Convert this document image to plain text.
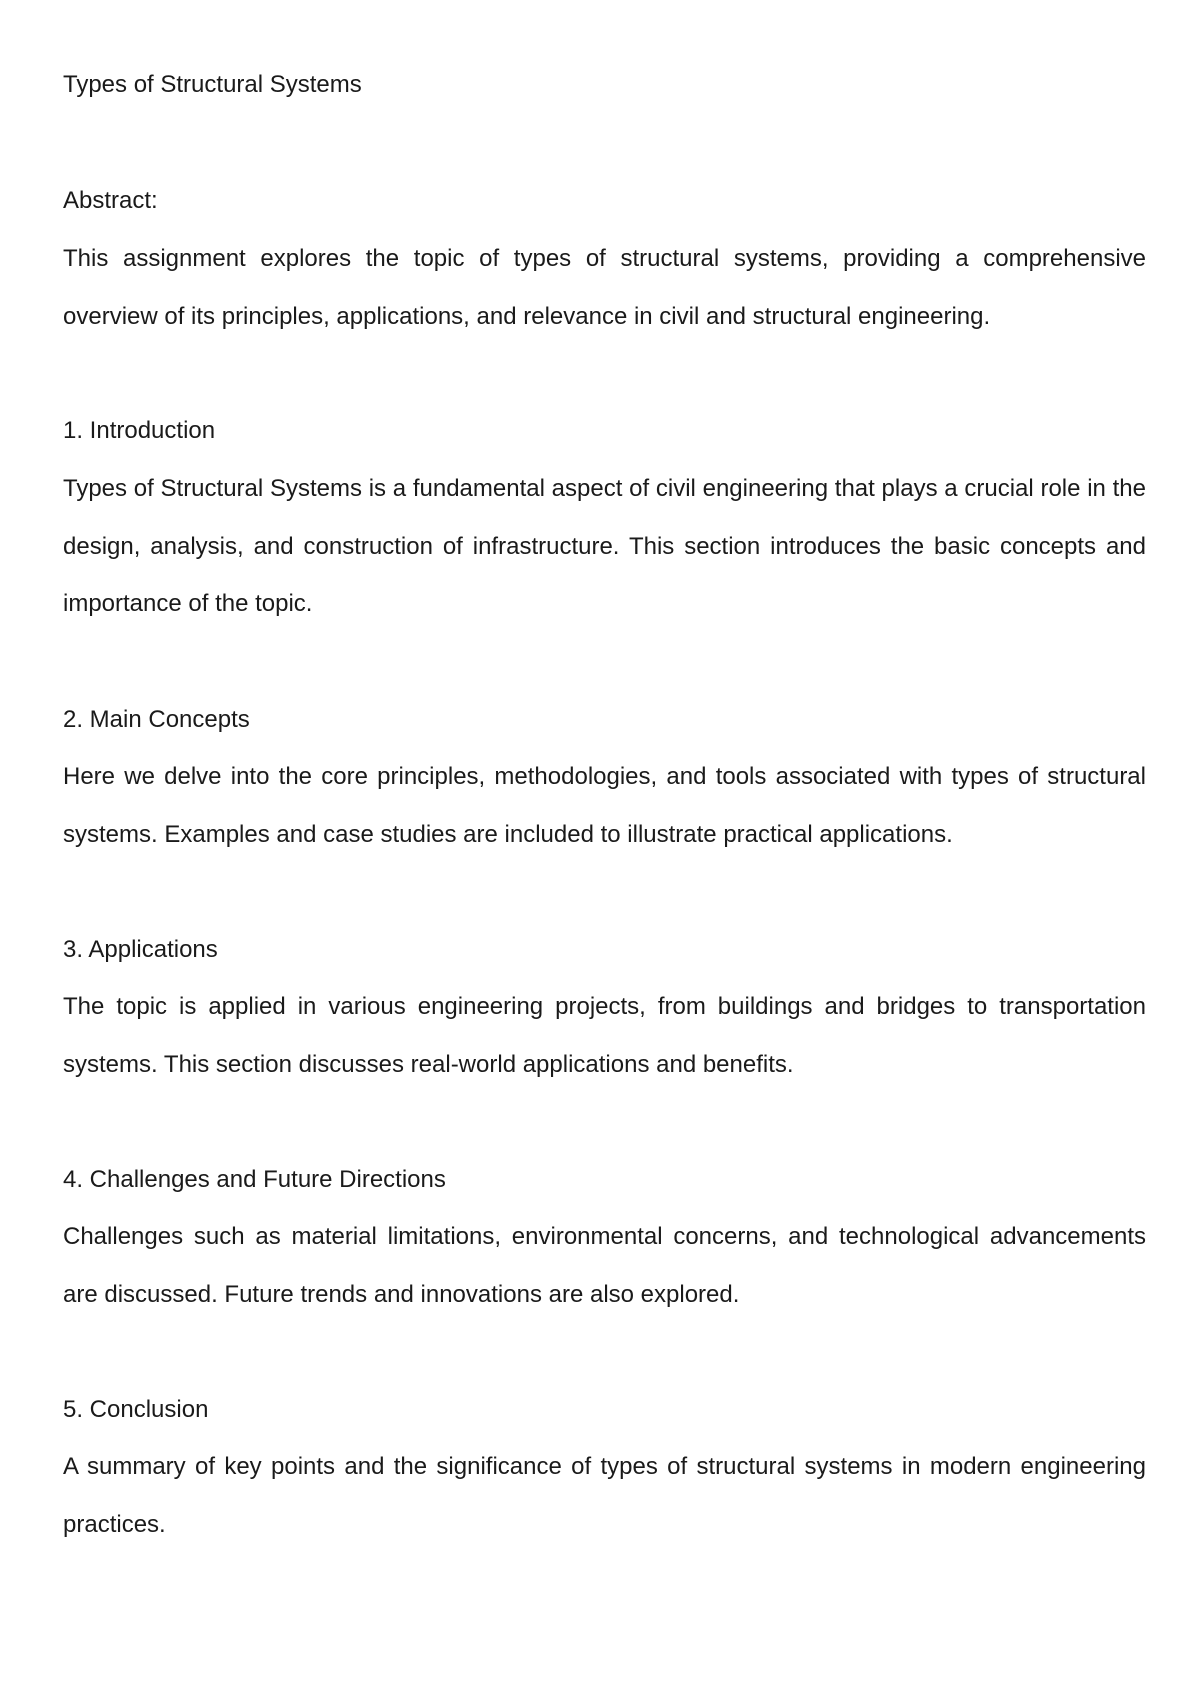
Types of Structural Systems

Abstract:

This assignment explores the topic of types of structural systems, providing a comprehensive overview of its principles, applications, and relevance in civil and structural engineering.

1. Introduction

Types of Structural Systems is a fundamental aspect of civil engineering that plays a crucial role in the design, analysis, and construction of infrastructure. This section introduces the basic concepts and importance of the topic.

2. Main Concepts

Here we delve into the core principles, methodologies, and tools associated with types of structural systems. Examples and case studies are included to illustrate practical applications.

3. Applications

The topic is applied in various engineering projects, from buildings and bridges to transportation systems. This section discusses real-world applications and benefits.

4. Challenges and Future Directions

Challenges such as material limitations, environmental concerns, and technological advancements are discussed. Future trends and innovations are also explored.

5. Conclusion

A summary of key points and the significance of types of structural systems in modern engineering practices.
